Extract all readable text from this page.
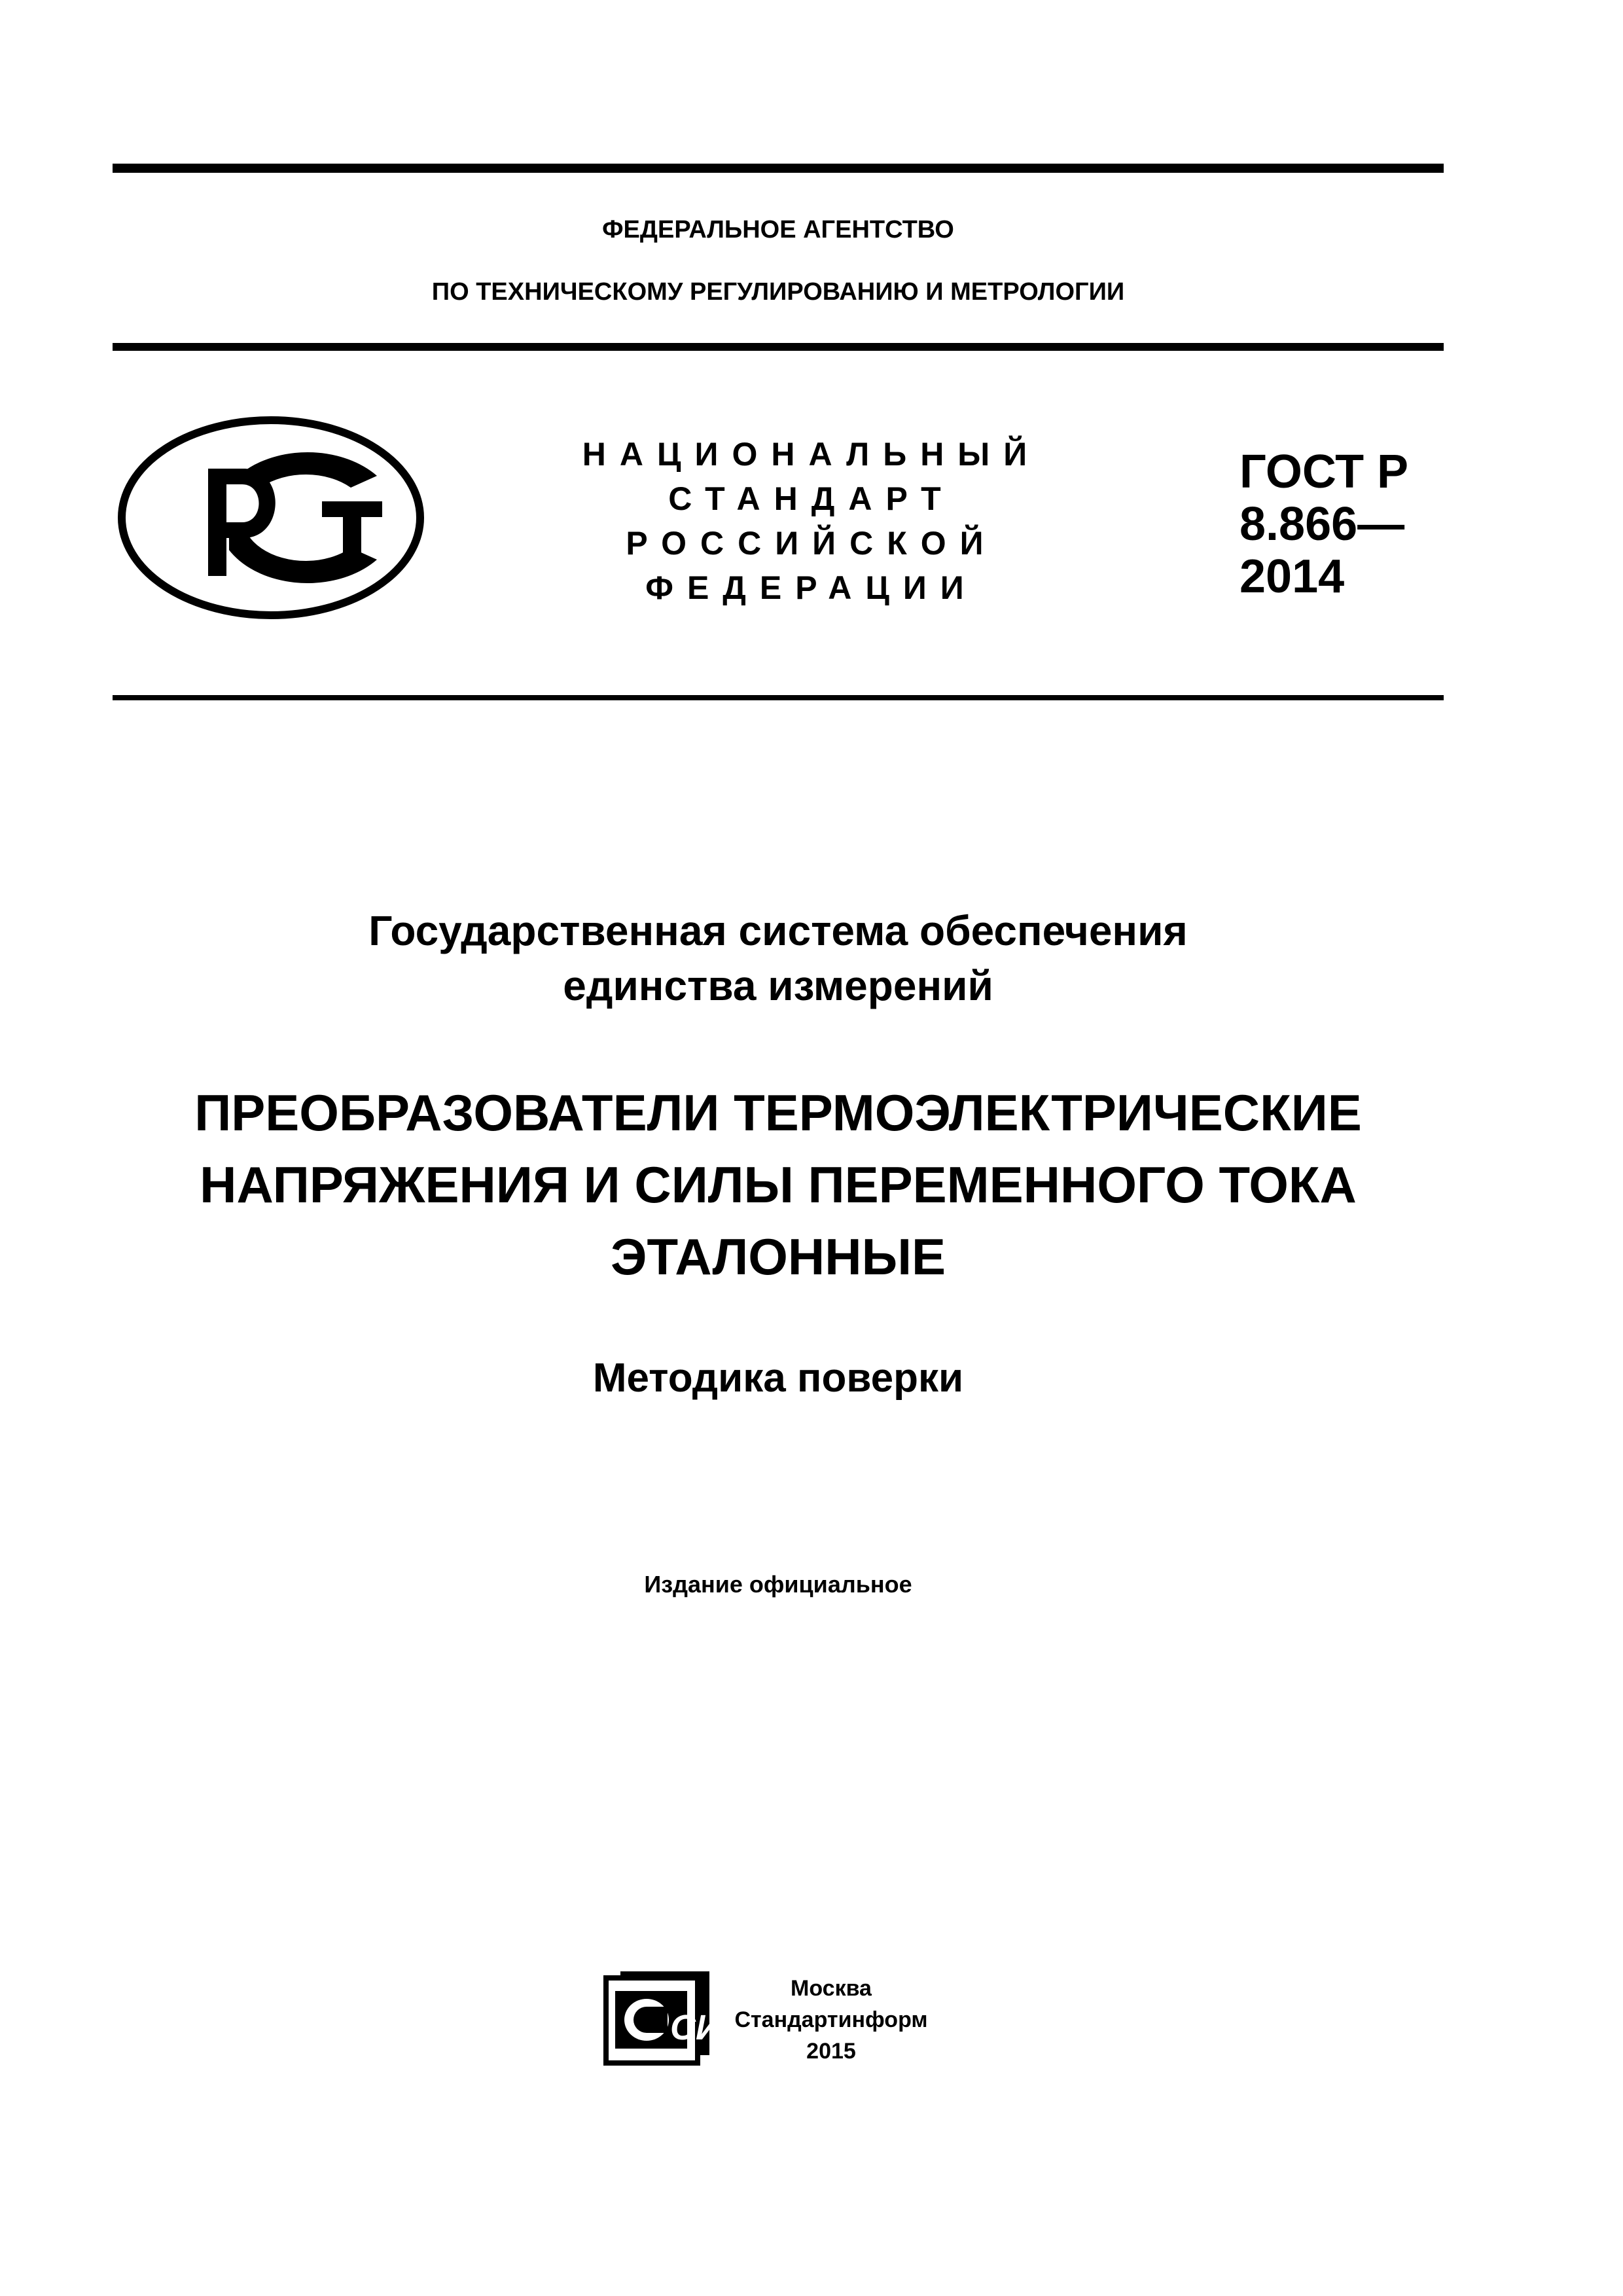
ФЕДЕРАЛЬНОЕ АГЕНТСТВО
ПО ТЕХНИЧЕСКОМУ РЕГУЛИРОВАНИЮ И МЕТРОЛОГИИ
НАЦИОНАЛЬНЫЙ
СТАНДАРТ
РОССИЙСКОЙ
ФЕДЕРАЦИИ
ГОСТ Р
8.866—
2014
Государственная система обеспечения
единства измерений
ПРЕОБРАЗОВАТЕЛИ ТЕРМОЭЛЕКТРИЧЕСКИЕ
НАПРЯЖЕНИЯ И СИЛЫ ПЕРЕМЕННОГО ТОКА
ЭТАЛОННЫЕ
Методика поверки
Издание официальное
СИ
Москва
Стандартинформ
2015
